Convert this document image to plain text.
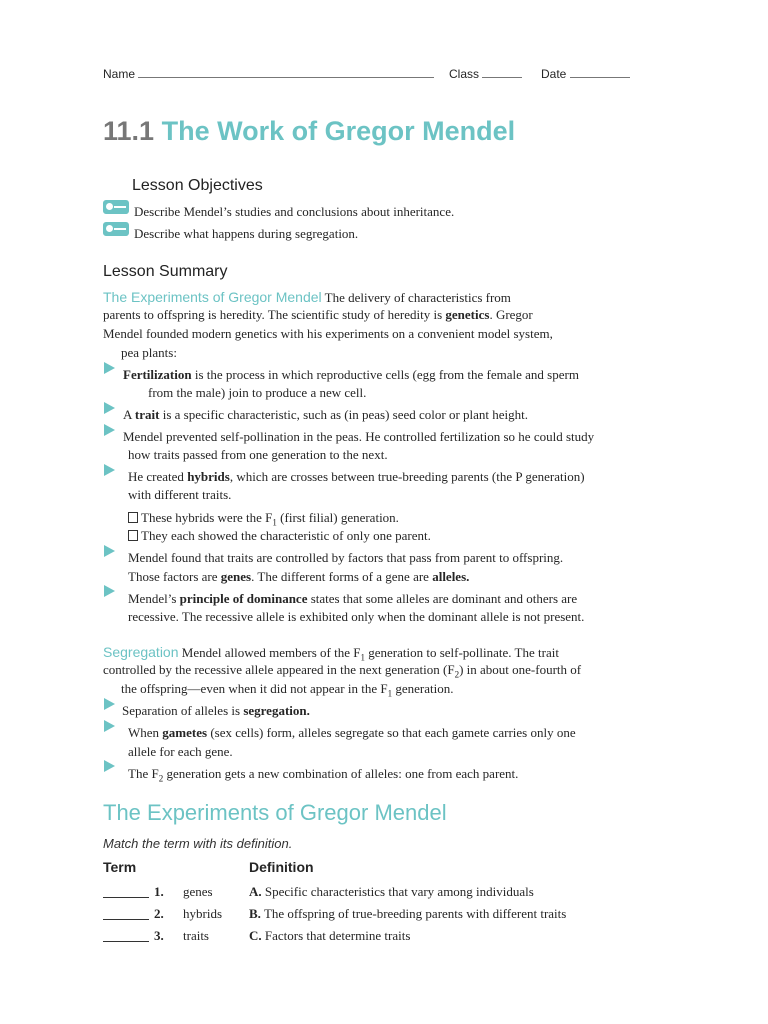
Name	Class	Date
11.1 The Work of Gregor Mendel
Lesson Objectives
Describe Mendel’s studies and conclusions about inheritance.
Describe what happens during segregation.
Lesson Summary
The Experiments of Gregor Mendel The delivery of characteristics from
parents to offspring is heredity. The scientific study of heredity is genetics. Gregor
Mendel founded modern genetics with his experiments on a convenient model system,
pea plants:
Fertilization is the process in which reproductive cells (egg from the female and sperm
from the male) join to produce a new cell.
A trait is a specific characteristic, such as (in peas) seed color or plant height.
Mendel prevented self-pollination in the peas. He controlled fertilization so he could study
how traits passed from one generation to the next.
He created hybrids, which are crosses between true-breeding parents (the P generation)
with different traits.
These hybrids were the $F_1$ (first filial) generation.
They each showed the characteristic of only one parent.
Mendel found that traits are controlled by factors that pass from parent to offspring.
Those factors are genes. The different forms of a gene are alleles.
Mendel’s principle of dominance states that some alleles are dominant and others are
recessive. The recessive allele is exhibited only when the dominant allele is not present.
Segregation Mendel allowed members of the $F_1$ generation to self-pollinate. The trait
controlled by the recessive allele appeared in the next generation $(F_2)$ in about one-fourth of
the offspring—even when it did not appear in the $F_1$ generation.
Separation of alleles is segregation.
When gametes (sex cells) form, alleles segregate so that each gamete carries only one
allele for each gene.
The $F_2$ generation gets a new combination of alleles: one from each parent.
The Experiments of Gregor Mendel
Match the term with its definition.
Term	Definition
1. genes	A. Specific characteristics that vary among individuals
2. hybrids B. The offspring of true-breeding parents with different traits
3. traits	C. Factors that determine traits
